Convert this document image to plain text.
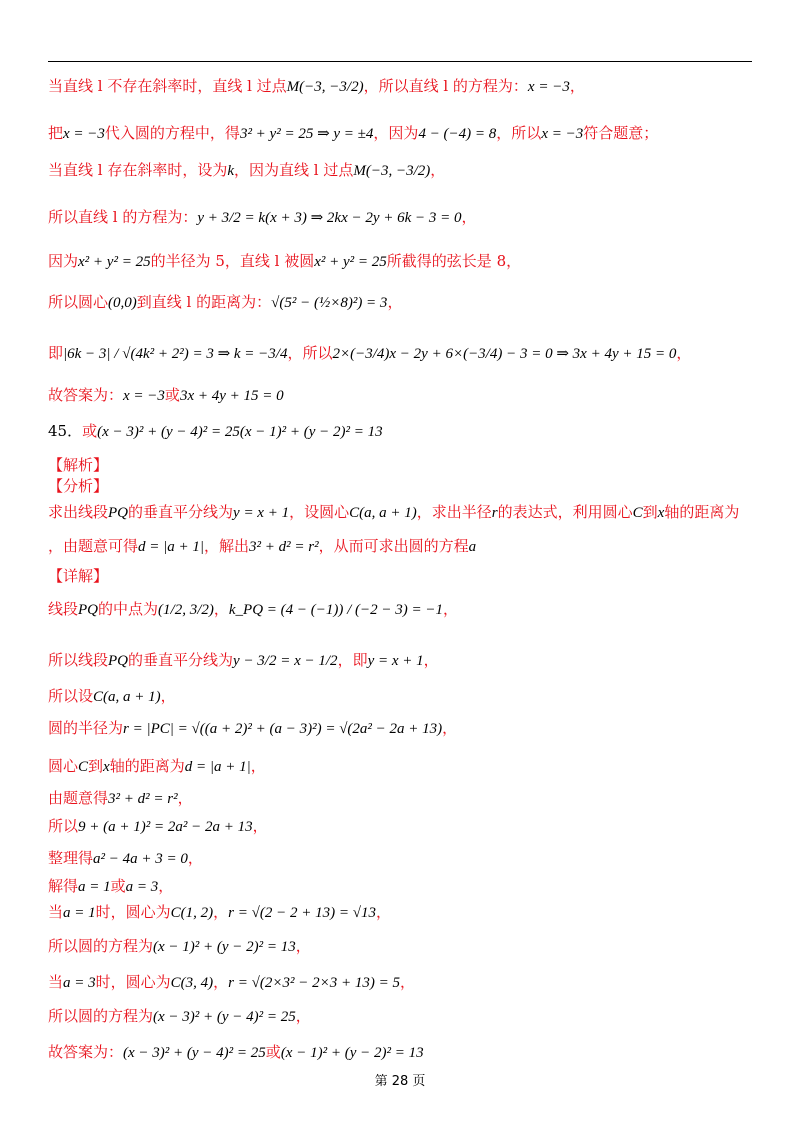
当直线 l 不存在斜率时，直线 l 过点M(−3, −3/2)，所以直线 l 的方程为：x = −3，
把x = −3代入圆的方程中，得3² + y² = 25 ⇒ y = ±4，因为4 − (−4) = 8，所以x = −3符合题意；
当直线 l 存在斜率时，设为k，因为直线 l 过点M(−3, −3/2)，
所以直线 l 的方程为：y + 3/2 = k(x + 3) ⇒ 2kx − 2y + 6k − 3 = 0，
因为x² + y² = 25的半径为 5，直线 l 被圆x² + y² = 25所截得的弦长是 8，
所以圆心(0,0)到直线 l 的距离为：√(5² − (½×8)²) = 3，
即|6k − 3| / √(4k² + 2²) = 3 ⇒ k = −3/4，所以2×(−3/4)x − 2y + 6×(−3/4) − 3 = 0 ⇒ 3x + 4y + 15 = 0，
故答案为：x = −3或3x + 4y + 15 = 0
45．或(x − 3)² + (y − 4)² = 25(x − 1)² + (y − 2)² = 13
【解析】
【分析】
求出线段PQ的垂直平分线为y = x + 1，设圆心C(a, a + 1)，求出半径r的表达式，利用圆心C到x轴的距离为
，由题意可得d = |a + 1|，解出3² + d² = r²，从而可求出圆的方程a
【详解】
线段PQ的中点为(1/2, 3/2)，k_PQ = (4 − (−1)) / (−2 − 3) = −1，
所以线段PQ的垂直平分线为y − 3/2 = x − 1/2，即y = x + 1，
所以设C(a, a + 1)，
圆的半径为r = |PC| = √((a + 2)² + (a − 3)²) = √(2a² − 2a + 13)，
圆心C到x轴的距离为d = |a + 1|，
由题意得3² + d² = r²，
所以9 + (a + 1)² = 2a² − 2a + 13，
整理得a² − 4a + 3 = 0，
解得a = 1或a = 3，
当a = 1时，圆心为C(1, 2)，r = √(2 − 2 + 13) = √13，
所以圆的方程为(x − 1)² + (y − 2)² = 13，
当a = 3时，圆心为C(3, 4)，r = √(2×3² − 2×3 + 13) = 5，
所以圆的方程为(x − 3)² + (y − 4)² = 25，
故答案为：(x − 3)² + (y − 4)² = 25或(x − 1)² + (y − 2)² = 13
第 28 页
